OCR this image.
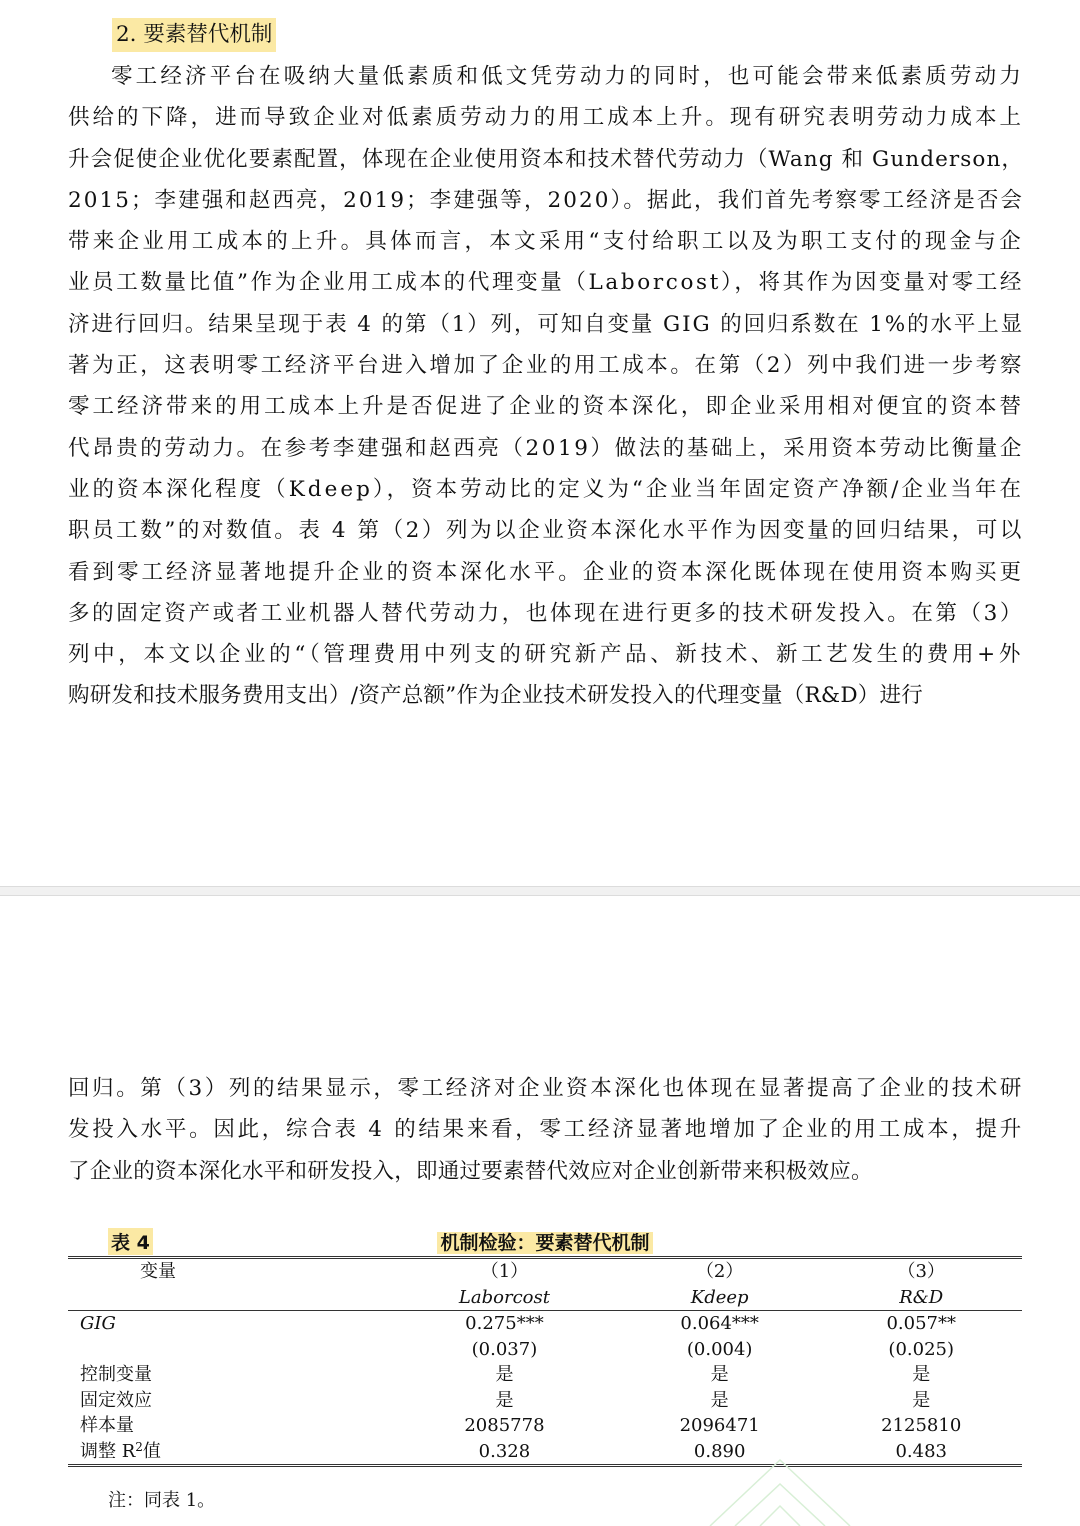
2. 要素替代机制

零工经济平台在吸纳大量低素质和低文凭劳动力的同时，也可能会带来低素质劳动力
供给的下降，进而导致企业对低素质劳动力的用工成本上升。现有研究表明劳动力成本上
升会促使企业优化要素配置，体现在企业使用资本和技术替代劳动力（Wang 和 Gunderson，
2015；李建强和赵西亮，2019；李建强等，2020）。据此，我们首先考察零工经济是否会
带来企业用工成本的上升。具体而言，本文采用“支付给职工以及为职工支付的现金与企
业员工数量比值”作为企业用工成本的代理变量（Laborcost），将其作为因变量对零工经
济进行回归。结果呈现于表 4 的第（1）列，可知自变量 GIG 的回归系数在 1%的水平上显
著为正，这表明零工经济平台进入增加了企业的用工成本。在第（2）列中我们进一步考察
零工经济带来的用工成本上升是否促进了企业的资本深化，即企业采用相对便宜的资本替
代昂贵的劳动力。在参考李建强和赵西亮（2019）做法的基础上，采用资本劳动比衡量企
业的资本深化程度（Kdeep），资本劳动比的定义为“企业当年固定资产净额/企业当年在
职员工数”的对数值。表 4 第（2）列为以企业资本深化水平作为因变量的回归结果，可以
看到零工经济显著地提升企业的资本深化水平。企业的资本深化既体现在使用资本购买更
多的固定资产或者工业机器人替代劳动力，也体现在进行更多的技术研发投入。在第（3）
列中，本文以企业的“（管理费用中列支的研究新产品、新技术、新工艺发生的费用+外
购研发和技术服务费用支出）/资产总额”作为企业技术研发投入的代理变量（R&D）进行

回归。第（3）列的结果显示，零工经济对企业资本深化也体现在显著提高了企业的技术研
发投入水平。因此，综合表 4 的结果来看，零工经济显著地增加了企业的用工成本，提升
了企业的资本深化水平和研发投入，即通过要素替代效应对企业创新带来积极效应。

表 4	机制检验：要素替代机制
变量	（1）	（2）	（3）
	Laborcost	Kdeep	R&D
GIG	0.275***	0.064***	0.057**
	(0.037)	(0.004)	(0.025)
控制变量	是	是	是
固定效应	是	是	是
样本量	2085778	2096471	2125810
调整 $R^2$值	0.328	0.890	0.483
注：同表 1。
